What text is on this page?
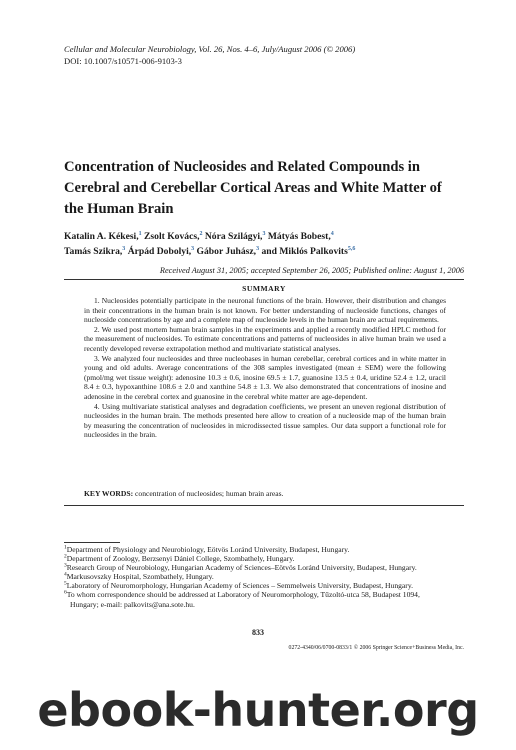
Cellular and Molecular Neurobiology, Vol. 26, Nos. 4–6, July/August 2006 (© 2006)
DOI: 10.1007/s10571-006-9103-3
Concentration of Nucleosides and Related Compounds in Cerebral and Cerebellar Cortical Areas and White Matter of the Human Brain
Katalin A. Kékesi,$^1$ Zsolt Kovács,$^2$ Nóra Szilágyi,$^3$ Mátyás Bobest,$^4$
Tamás Szikra,$^3$ Árpád Dobolyi,$^3$ Gábor Juhász,$^3$ and Miklós Palkovits$^{5,6}$
Received August 31, 2005; accepted September 26, 2005; Published online: August 1, 2006
SUMMARY

1. Nucleosides potentially participate in the neuronal functions of the brain. However, their distribution and changes in their concentrations in the human brain is not known. For better understanding of nucleoside functions, changes of nucleoside concentrations by age and a complete map of nucleoside levels in the human brain are actual requirements.

2. We used post mortem human brain samples in the experiments and applied a recently modified HPLC method for the measurement of nucleosides. To estimate concentrations and patterns of nucleosides in alive human brain we used a recently developed reverse extrapolation method and multivariate statistical analyses.

3. We analyzed four nucleosides and three nucleobases in human cerebellar, cerebral cortices and in white matter in young and old adults. Average concentrations of the 308 samples investigated (mean ± SEM) were the following (pmol/mg wet tissue weight): adenosine 10.3 ± 0.6, inosine 69.5 ± 1.7, guanosine 13.5 ± 0.4, uridine 52.4 ± 1.2, uracil 8.4 ± 0.3, hypoxanthine 108.6 ± 2.0 and xanthine 54.8 ± 1.3. We also demonstrated that concentrations of inosine and adenosine in the cerebral cortex and guanosine in the cerebral white matter are age-dependent.

4. Using multivariate statistical analyses and degradation coefficients, we present an uneven regional distribution of nucleosides in the human brain. The methods presented here allow to creation of a nucleoside map of the human brain by measuring the concentration of nucleosides in microdissected tissue samples. Our data support a functional role for nucleosides in the brain.

KEY WORDS: concentration of nucleosides; human brain areas.

$^1$Department of Physiology and Neurobiology, Eötvös Loránd University, Budapest, Hungary.

$^2$Department of Zoology, Berzsenyi Dániel College, Szombathely, Hungary.

$^3$Research Group of Neurobiology, Hungarian Academy of Sciences–Eötvös Loránd University, Budapest, Hungary.

$^4$Markusovszky Hospital, Szombathely, Hungary.

$^5$Laboratory of Neuromorphology, Hungarian Academy of Sciences – Semmelweis University, Budapest, Hungary.

$^6$To whom correspondence should be addressed at Laboratory of Neuromorphology, Tűzoltó-utca 58, Budapest 1094, Hungary; e-mail: palkovits@ana.sote.hu.

833
0272-4340/06/0700-0833/1 © 2006 Springer Science+Business Media, Inc.
ebook-hunter.org
